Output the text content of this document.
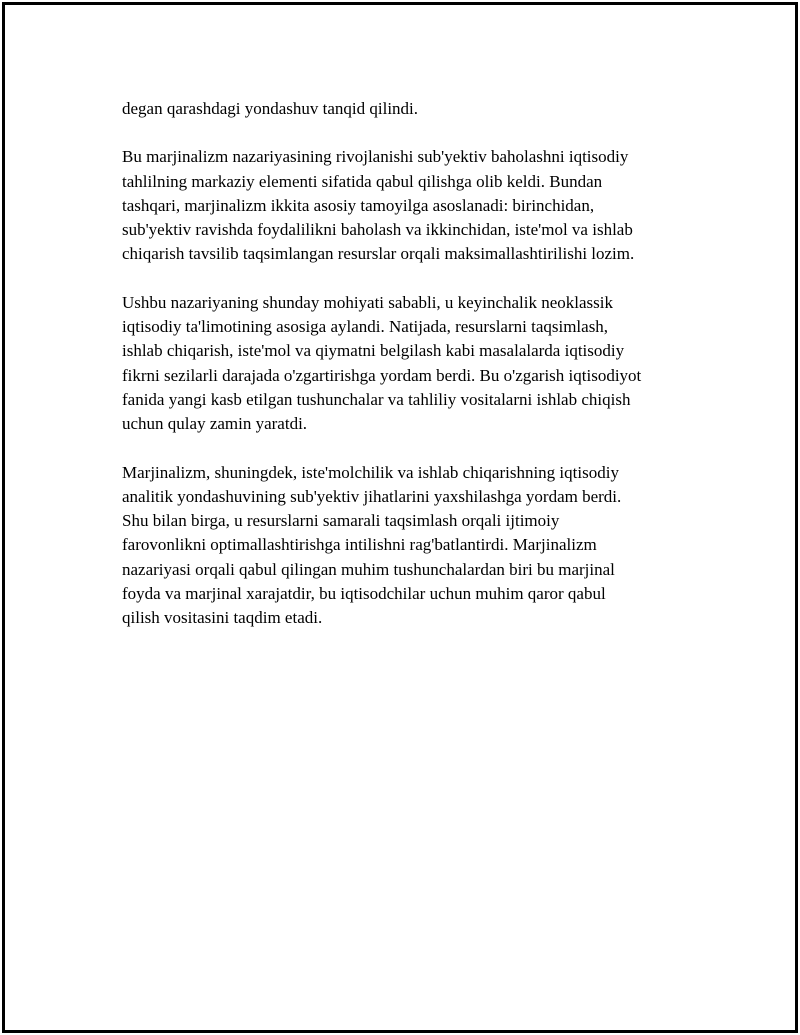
degan qarashdagi yondashuv tanqid qilindi.

Bu marjinalizm nazariyasining rivojlanishi sub'yektiv baholashni iqtisodiy
tahlilning markaziy elementi sifatida qabul qilishga olib keldi. Bundan
tashqari, marjinalizm ikkita asosiy tamoyilga asoslanadi: birinchidan,
sub'yektiv ravishda foydalilikni baholash va ikkinchidan, iste'mol va ishlab
chiqarish tavsilib taqsimlangan resurslar orqali maksimallashtirilishi lozim.

Ushbu nazariyaning shunday mohiyati sababli, u keyinchalik neoklassik
iqtisodiy ta'limotining asosiga aylandi. Natijada, resurslarni taqsimlash,
ishlab chiqarish, iste'mol va qiymatni belgilash kabi masalalarda iqtisodiy
fikrni sezilarli darajada o'zgartirishga yordam berdi. Bu o'zgarish iqtisodiyot
fanida yangi kasb etilgan tushunchalar va tahliliy vositalarni ishlab chiqish
uchun qulay zamin yaratdi.

Marjinalizm, shuningdek, iste'molchilik va ishlab chiqarishning iqtisodiy
analitik yondashuvining sub'yektiv jihatlarini yaxshilashga yordam berdi.
Shu bilan birga, u resurslarni samarali taqsimlash orqali ijtimoiy
farovonlikni optimallashtirishga intilishni rag'batlantirdi. Marjinalizm
nazariyasi orqali qabul qilingan muhim tushunchalardan biri bu marjinal
foyda va marjinal xarajatdir, bu iqtisodchilar uchun muhim qaror qabul
qilish vositasini taqdim etadi.
